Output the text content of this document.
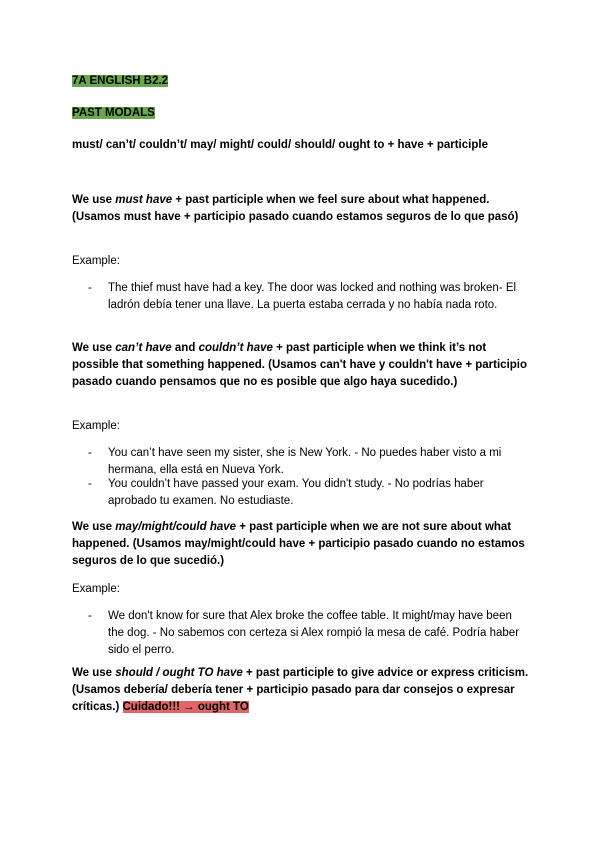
7A ENGLISH B2.2
PAST MODALS
must/ can’t/ couldn’t/ may/ might/ could/ should/ ought to + have + participle
We use must have + past participle when we feel sure about what happened. (Usamos must have + participio pasado cuando estamos seguros de lo que pasó)
Example:
- The thief must have had a key. The door was locked and nothing was broken- El ladrón debía tener una llave. La puerta estaba cerrada y no había nada roto.
We use can’t have and couldn’t have + past participle when we think it’s not possible that something happened. (Usamos can't have y couldn't have + participio pasado cuando pensamos que no es posible que algo haya sucedido.)
Example:
- You can’t have seen my sister, she is New York. - No puedes haber visto a mi hermana, ella está en Nueva York.
- You couldn’t have passed your exam. You didn't study. - No podrías haber aprobado tu examen. No estudiaste.
We use may/might/could have + past participle when we are not sure about what happened. (Usamos may/might/could have + participio pasado cuando no estamos seguros de lo que sucedió.)
Example:
- We don't know for sure that Alex broke the coffee table. It might/may have been the dog. - No sabemos con certeza si Alex rompió la mesa de café. Podría haber sido el perro.
We use should / ought TO have + past participle to give advice or express criticism. (Usamos debería/ debería tener + participio pasado para dar consejos o expresar críticas.) Cuidado!!! → ought TO
